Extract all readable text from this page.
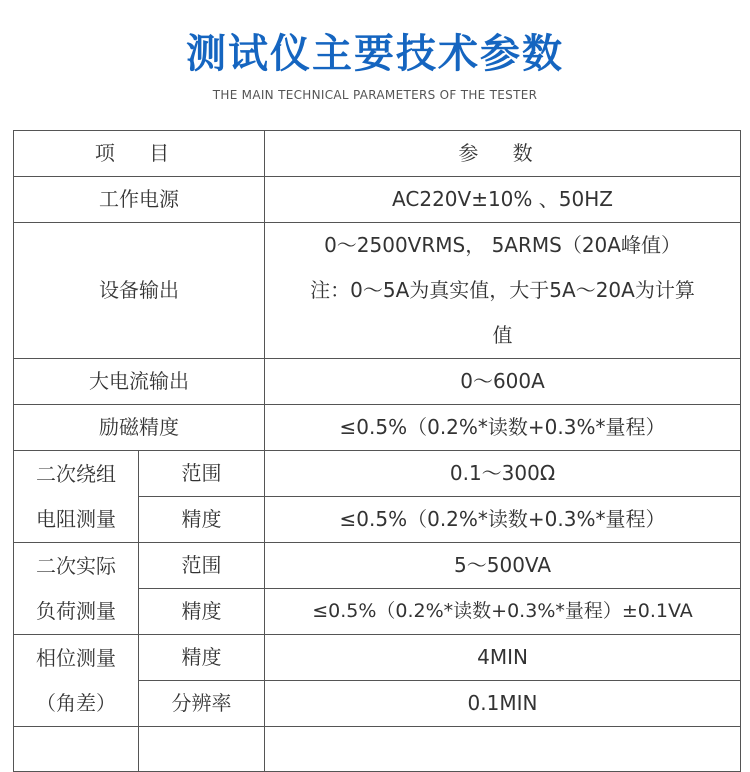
测试仪主要技术参数
THE MAIN TECHNICAL PARAMETERS OF THE TESTER
项 目		参 数
工作电源		AC220V±10% 、50HZ
设备输出		0～2500VRMS， 5ARMS（20A峰值）
注：0～5A为真实值，大于5A～20A为计算
值

大电流输出		0～600A
励磁精度		≤0.5%（0.2%*读数+0.3%*量程）

二次绕组
电阻测量	范围	0.1～300Ω
	精度	≤0.5%（0.2%*读数+0.3%*量程）

二次实际
负荷测量	范围	5～500VA
	精度	≤0.5%（0.2%*读数+0.3%*量程）±0.1VA

相位测量
（角差）	精度	4MIN
	分辨率	0.1MIN
